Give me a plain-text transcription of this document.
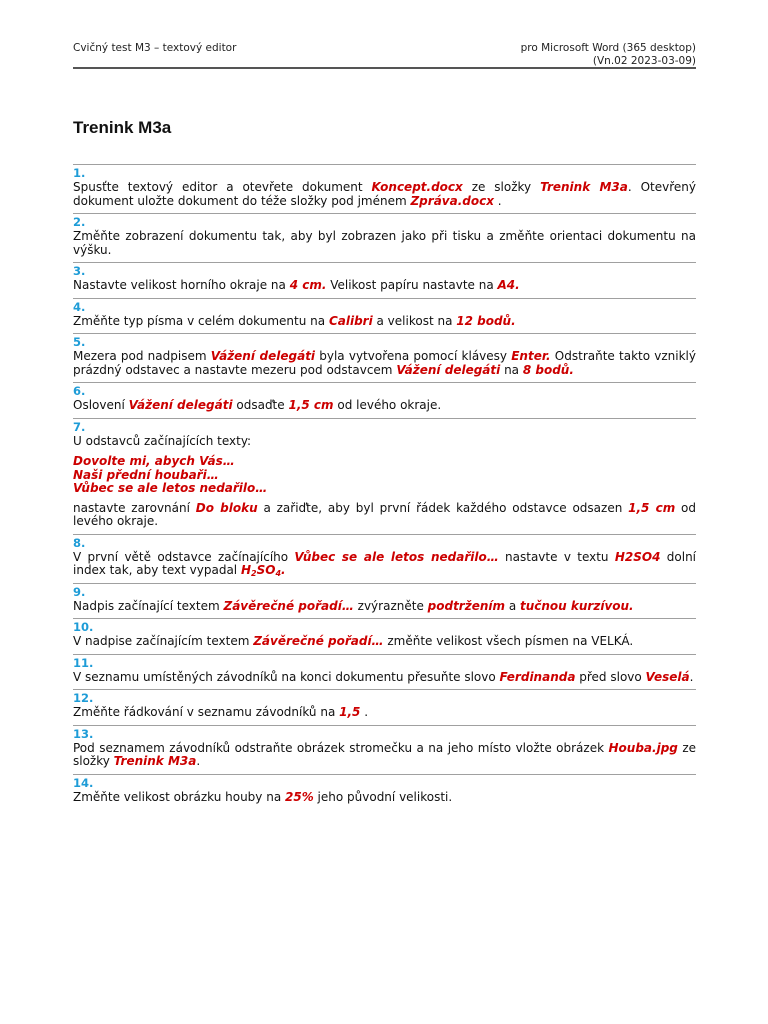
Cvičný test M3 – textový editor	pro Microsoft Word (365 desktop)
(Vn.02 2023-03-09)
Trenink M3a
1.
Spusťte textový editor a otevřete dokument Koncept.docx ze složky Trenink M3a. Otevřený dokument uložte dokument do téže složky pod jménem Zpráva.docx .
2.
Změňte zobrazení dokumentu tak, aby byl zobrazen jako při tisku a změňte orientaci dokumentu na výšku.
3.
Nastavte velikost horního okraje na 4 cm. Velikost papíru nastavte na A4.
4.
Změňte typ písma v celém dokumentu na Calibri a velikost na 12 bodů.
5.
Mezera pod nadpisem Vážení delegáti byla vytvořena pomocí klávesy Enter. Odstraňte takto vzniklý prázdný odstavec a nastavte mezeru pod odstavcem Vážení delegáti na 8 bodů.
6.
Oslovení Vážení delegáti odsaďte 1,5 cm od levého okraje.
7.
U odstavců začínajících texty:
Dovolte mi, abych Vás…
Naši přední houbaři…
Vůbec se ale letos nedařilo…
nastavte zarovnání Do bloku a zařiďte, aby byl první řádek každého odstavce odsazen 1,5 cm od levého okraje.
8.
V první větě odstavce začínajícího Vůbec se ale letos nedařilo… nastavte v textu H2SO4 dolní index tak, aby text vypadal $H_2SO_4$.
9.
Nadpis začínající textem Závěrečné pořadí… zvýrazněte podtržením a tučnou kurzívou.
10.
V nadpise začínajícím textem Závěrečné pořadí… změňte velikost všech písmen na VELKÁ.
11.
V seznamu umístěných závodníků na konci dokumentu přesuňte slovo Ferdinanda před slovo Veselá.
12.
Změňte řádkování v seznamu závodníků na 1,5 .
13.
Pod seznamem závodníků odstraňte obrázek stromečku a na jeho místo vložte obrázek Houba.jpg ze složky Trenink M3a.
14.
Změňte velikost obrázku houby na 25% jeho původní velikosti.
